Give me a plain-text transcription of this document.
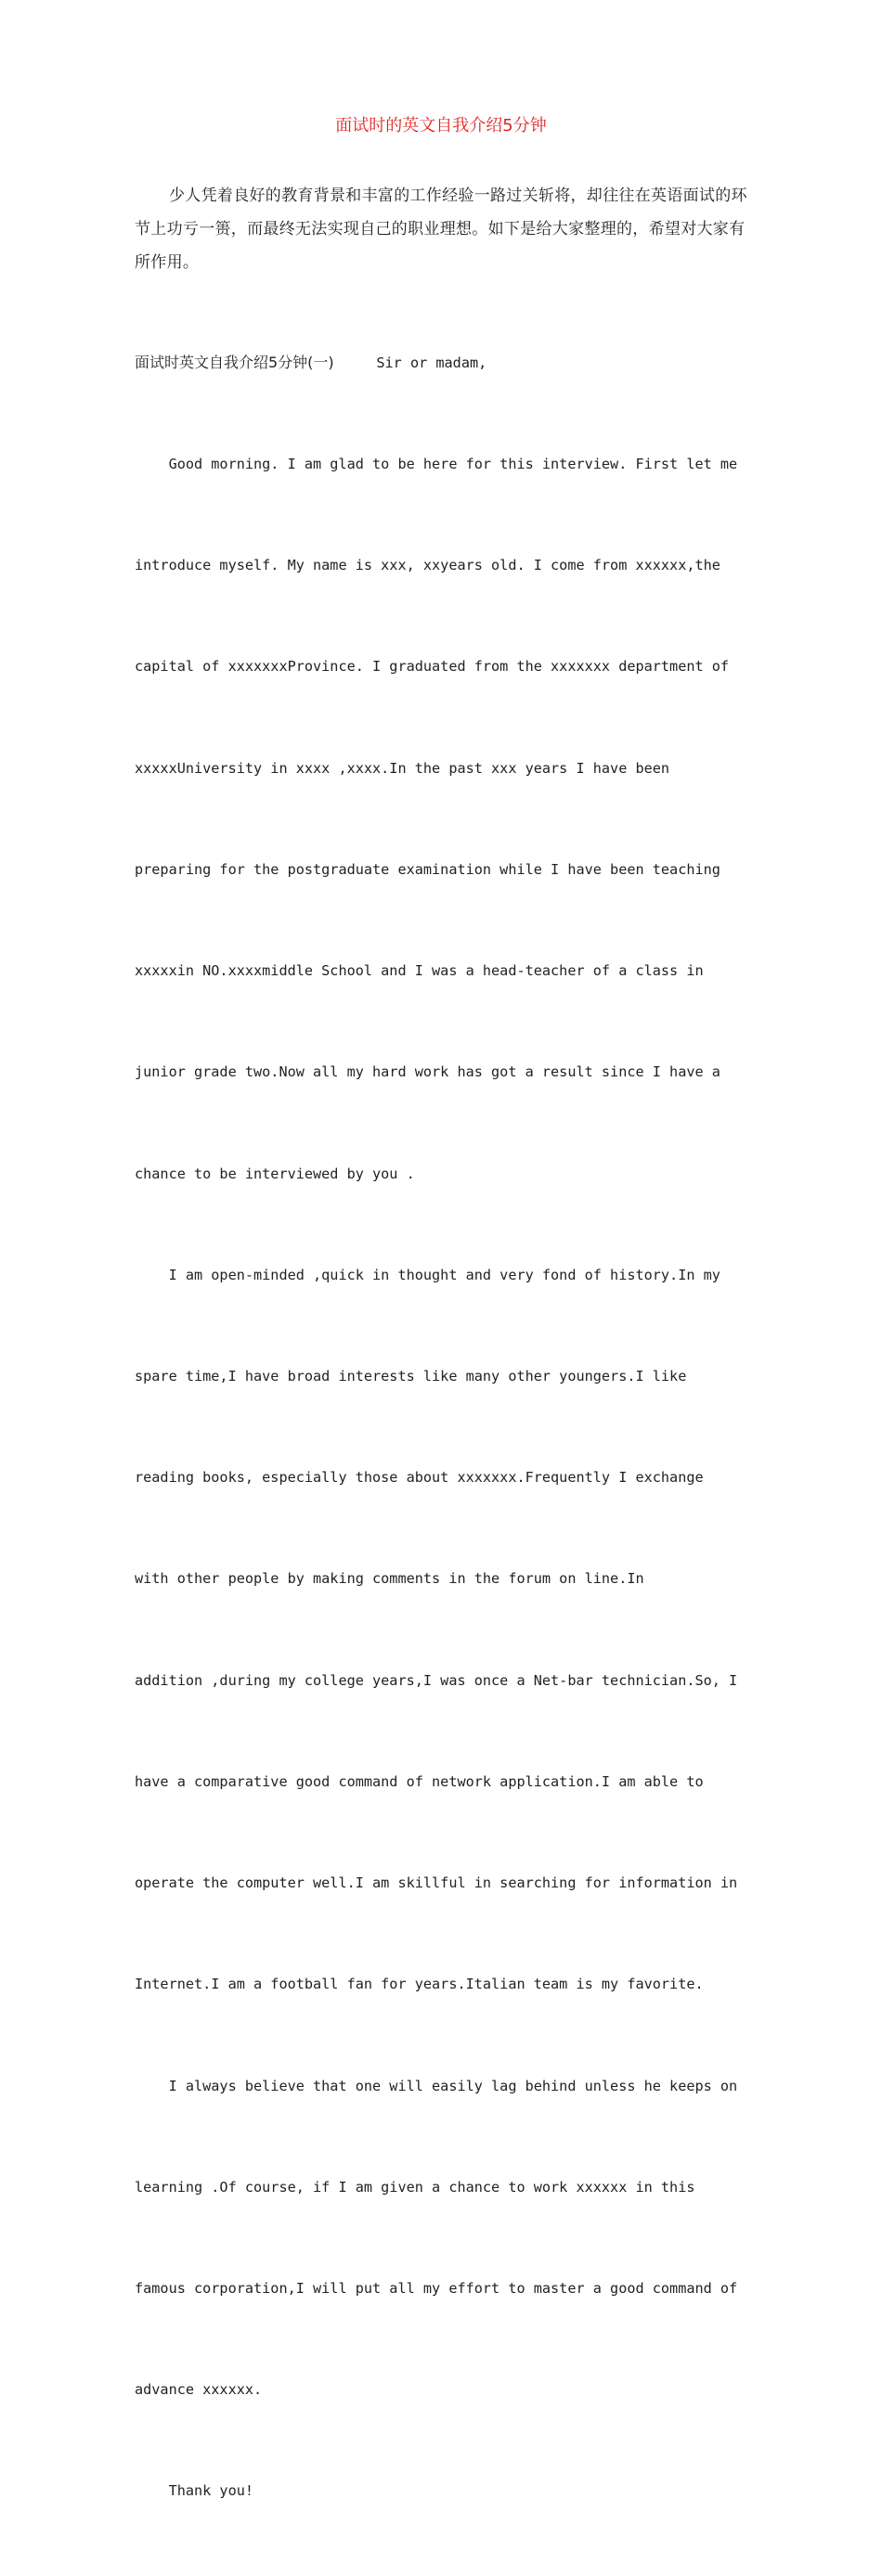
面试时的英文自我介绍5分钟
少人凭着良好的教育背景和丰富的工作经验一路过关斩将，却往往在英语面试的环节上功亏一篑，而最终无法实现自己的职业理想。如下是给大家整理的，希望对大家有所作用。

面试时英文自我介绍5分钟(一)	Sir or madam,

Good morning. I am glad to be here for this interview. First let me

introduce myself. My name is xxx, xxyears old. I come from xxxxxx,the

capital of xxxxxxxProvince. I graduated from the xxxxxxx department of

xxxxxUniversity in xxxx ,xxxx.In the past xxx years I have been

preparing for the postgraduate examination while I have been teaching

xxxxxin NO.xxxxmiddle School and I was a head-teacher of a class in

junior grade two.Now all my hard work has got a result since I have a

chance to be interviewed by you .

I am open-minded ,quick in thought and very fond of history.In my

spare time,I have broad interests like many other youngers.I like

reading books, especially those about xxxxxxx.Frequently I exchange

with other people by making comments in the forum on line.In

addition ,during my college years,I was once a Net-bar technician.So, I

have a comparative good command of network application.I am able to

operate the computer well.I am skillful in searching for information in

Internet.I am a football fan for years.Italian team is my favorite.

I always believe that one will easily lag behind unless he keeps on

learning .Of course, if I am given a chance to work xxxxxx in this

famous corporation,I will put all my effort to master a good command of

advance xxxxxx.

Thank you!
